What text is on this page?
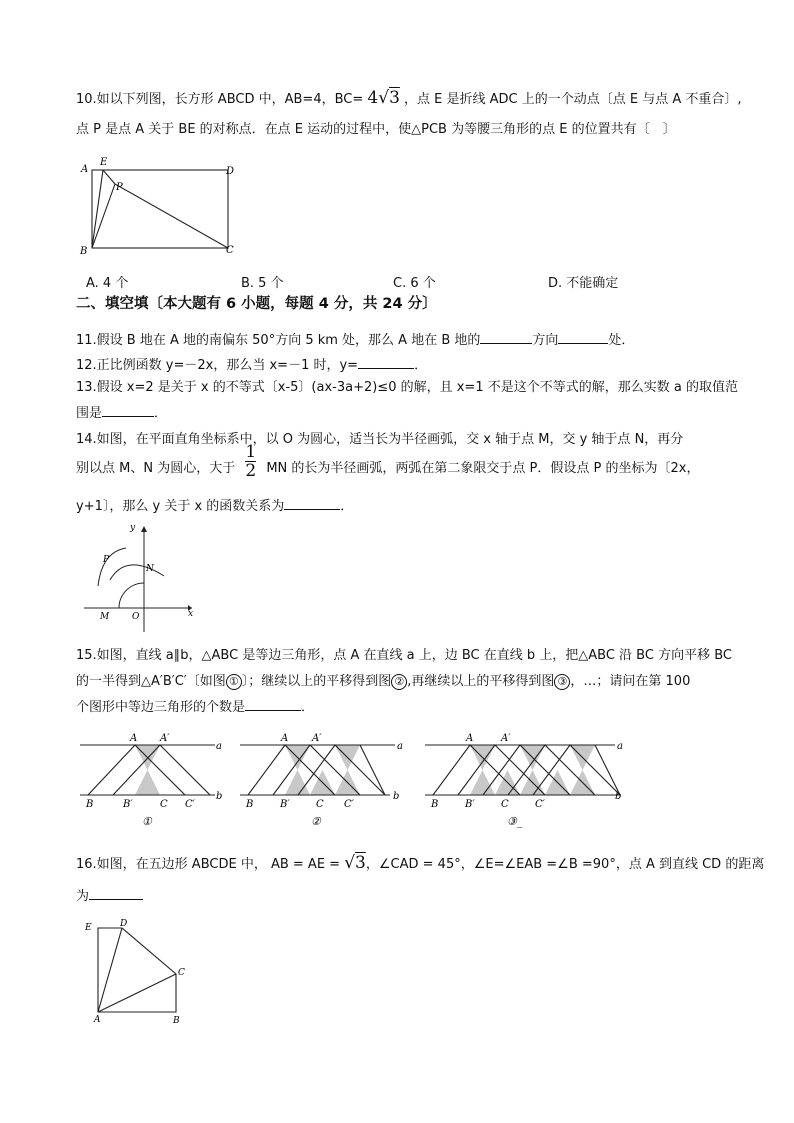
10.如以下列图，长方形 ABCD 中，AB=4，BC= 4√3 ，点 E 是折线 ADC 上的一个动点〔点 E 与点 A 不重合〕,
点 P 是点 A 关于 BE 的对称点．在点 E 运动的过程中，使△PCB 为等腰三角形的点 E 的位置共有〔　〕
A
E
D
P
B	C
A. 4 个	B. 5 个	C. 6 个	D. 不能确定
二、填空填〔本大题有 6 小题，每题 4 分，共 24 分〕
11.假设 B 地在 A 地的南偏东 50°方向 5 km 处，那么 A 地在 B 地的	方向	处．
12.正比例函数 y=－2x，那么当 x=－1 时，y=	．
13.假设 x=2 是关于 x 的不等式〔x-5〕(ax-3a+2)≤0 的解，且 x=1 不是这个不等式的解，那么实数 a 的取值范
围是	．
14.如图，在平面直角坐标系中，以 O 为圆心，适当长为半径画弧，交 x 轴于点 M，交 y 轴于点 N，再分
别以点 M、N 为圆心，大于 $\frac{1}{2}$ MN 的长为半径画弧，两弧在第二象限交于点 P．假设点 P 的坐标为〔2x，
y+1〕，那么 y 关于 x 的函数关系为	．
y
x
P
N
M	O
15.如图，直线 a∥b，△ABC 是等边三角形，点 A 在直线 a 上，边 BC 在直线 b 上，把△ABC 沿 BC 方向平移 BC
的一半得到△A′B′C′〔如图 ① 〕；继续以上的平移得到图 ② ,再继续以上的平移得到图 ③ ，…；请问在第 100
个图形中等边三角形的个数是	．
A A′
a
b
B	B′	C C′
①
A A′
a
b
B	B′	C C′
②
A	A′
a
b
B	B′	C	C′
③_
16.如图，在五边形 ABCDE 中， AB = AE = √3，∠CAD = 45°，∠E=∠EAB =∠B =90°，点 A 到直线 CD 的距离
为
E	D
C
A	B
